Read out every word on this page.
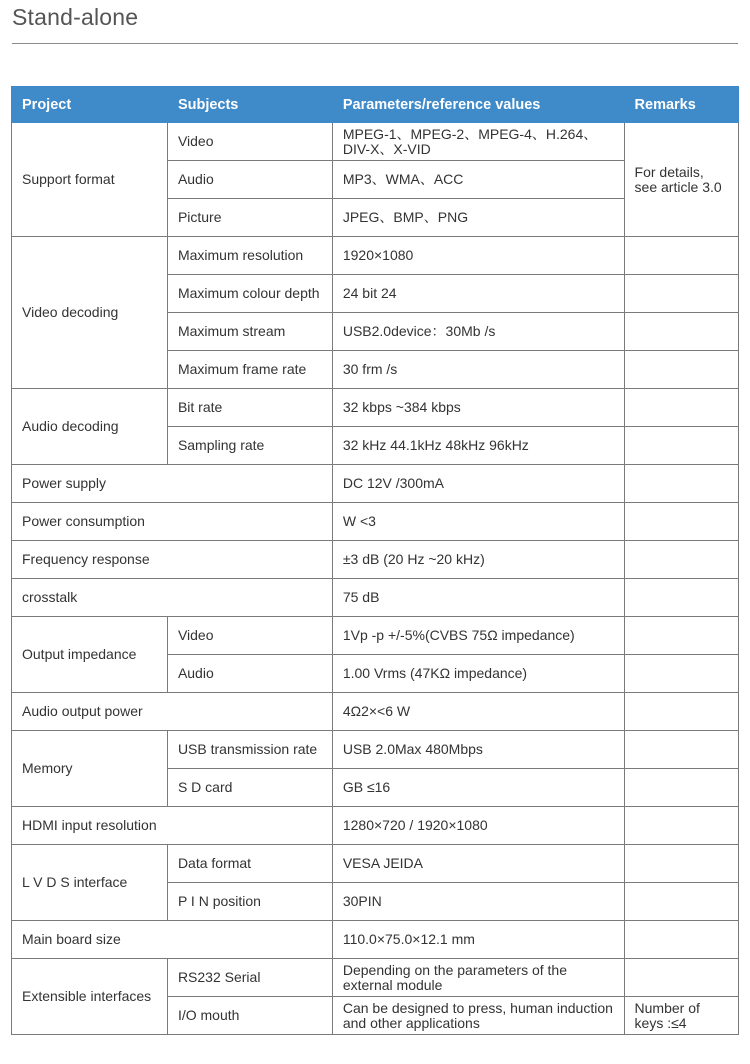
Stand-alone
Project	Subjects	Parameters/reference values	Remarks
Support format	Video	MPEG-1、MPEG-2、MPEG-4、H.264、DIV-X、X-VID	For details, see article 3.0
	Audio	MP3、WMA、ACC	
	Picture	JPEG、BMP、PNG	
Video decoding	Maximum resolution	1920×1080	
	Maximum colour depth	24 bit 24	
	Maximum stream	USB2.0device：30Mb /s	
	Maximum frame rate	30 frm /s	
Audio decoding	Bit rate	32 kbps ~384 kbps	
	Sampling rate	32 kHz 44.1kHz 48kHz 96kHz	
Power supply		DC 12V /300mA	
Power consumption		W <3	
Frequency response		±3 dB (20 Hz ~20 kHz)	
crosstalk		75 dB	
Output impedance	Video	1Vp -p +/-5%(CVBS 75Ω impedance)	
	Audio	1.00 Vrms (47KΩ impedance)	
Audio output power		4Ω2×<6 W	
Memory	USB transmission rate	USB 2.0Max 480Mbps	
	S D card	GB ≤16	
HDMI input resolution		1280×720 / 1920×1080	
L V D S interface	Data format	VESA JEIDA	
	P I N position	30PIN	
Main board size		110.0×75.0×12.1 mm	
Extensible interfaces	RS232 Serial	Depending on the parameters of the external module	
	I/O mouth	Can be designed to press, human induction and other applications	Number of keys :≤4
